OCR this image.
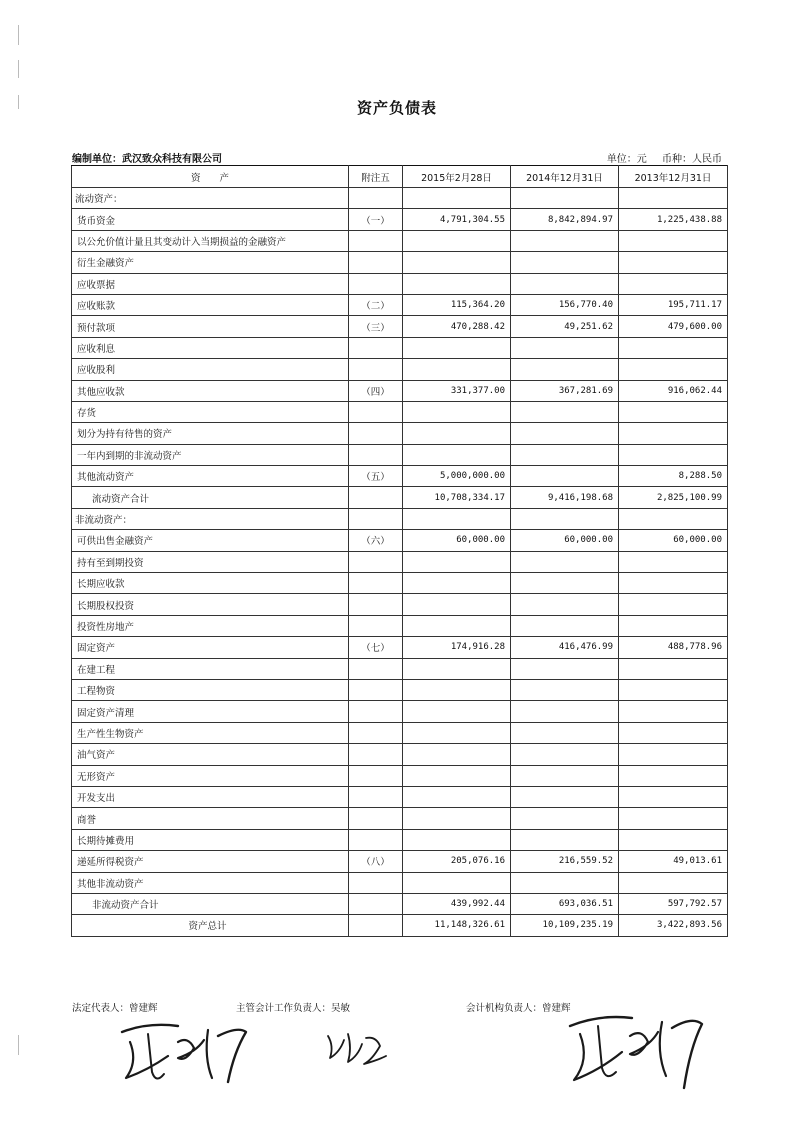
资产负债表
编制单位：武汉致众科技有限公司	单位：元 币种：人民币
资　　产	附注五	2015年2月28日	2014年12月31日	2013年12月31日
流动资产：				
货币资金	（一）	4,791,304.55	8,842,894.97	1,225,438.88
以公允价值计量且其变动计入当期损益的金融资产				
衍生金融资产				
应收票据				
应收账款	（二）	115,364.20	156,770.40	195,711.17
预付款项	（三）	470,288.42	49,251.62	479,600.00
应收利息				
应收股利				
其他应收款	（四）	331,377.00	367,281.69	916,062.44
存货				
划分为持有待售的资产				
一年内到期的非流动资产				
其他流动资产	（五）	5,000,000.00		8,288.50
流动资产合计		10,708,334.17	9,416,198.68	2,825,100.99
非流动资产：				
可供出售金融资产	（六）	60,000.00	60,000.00	60,000.00
持有至到期投资				
长期应收款				
长期股权投资				
投资性房地产				
固定资产	（七）	174,916.28	416,476.99	488,778.96
在建工程				
工程物资				
固定资产清理				
生产性生物资产				
油气资产				
无形资产				
开发支出				
商誉				
长期待摊费用				
递延所得税资产	（八）	205,076.16	216,559.52	49,013.61
其他非流动资产				
非流动资产合计		439,992.44	693,036.51	597,792.57
资产总计		11,148,326.61	10,109,235.19	3,422,893.56
法定代表人：曾建辉	主管会计工作负责人：吴敏	会计机构负责人：曾建辉
